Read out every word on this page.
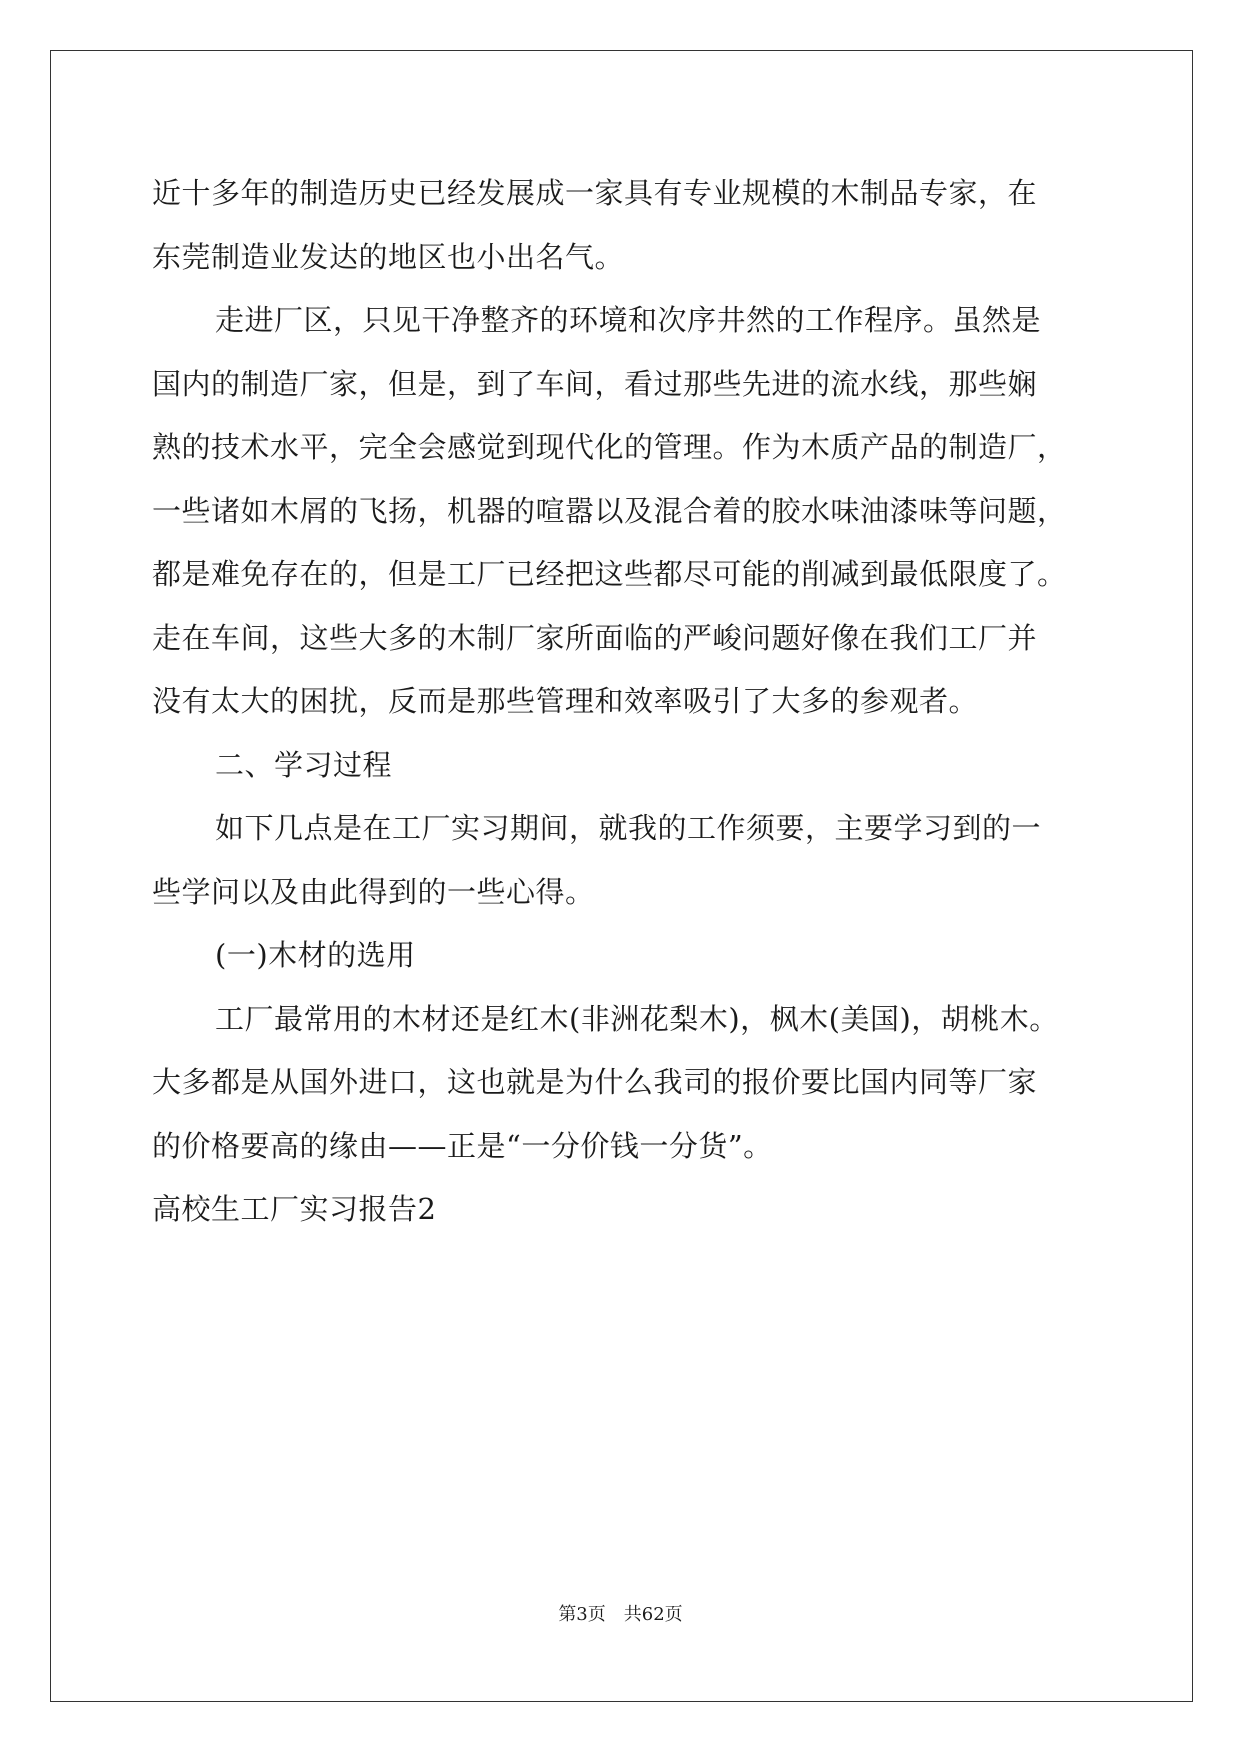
近十多年的制造历史已经发展成一家具有专业规模的木制品专家，在
东莞制造业发达的地区也小出名气。
走进厂区，只见干净整齐的环境和次序井然的工作程序。虽然是
国内的制造厂家，但是，到了车间，看过那些先进的流水线，那些娴
熟的技术水平，完全会感觉到现代化的管理。作为木质产品的制造厂，
一些诸如木屑的飞扬，机器的喧嚣以及混合着的胶水味油漆味等问题，
都是难免存在的，但是工厂已经把这些都尽可能的削减到最低限度了。
走在车间，这些大多的木制厂家所面临的严峻问题好像在我们工厂并
没有太大的困扰，反而是那些管理和效率吸引了大多的参观者。
二、学习过程
如下几点是在工厂实习期间，就我的工作须要，主要学习到的一
些学问以及由此得到的一些心得。
(一)木材的选用
工厂最常用的木材还是红木(非洲花梨木)，枫木(美国)，胡桃木。
大多都是从国外进口，这也就是为什么我司的报价要比国内同等厂家
的价格要高的缘由——正是“一分价钱一分货”。
高校生工厂实习报告2
第3页 共62页
